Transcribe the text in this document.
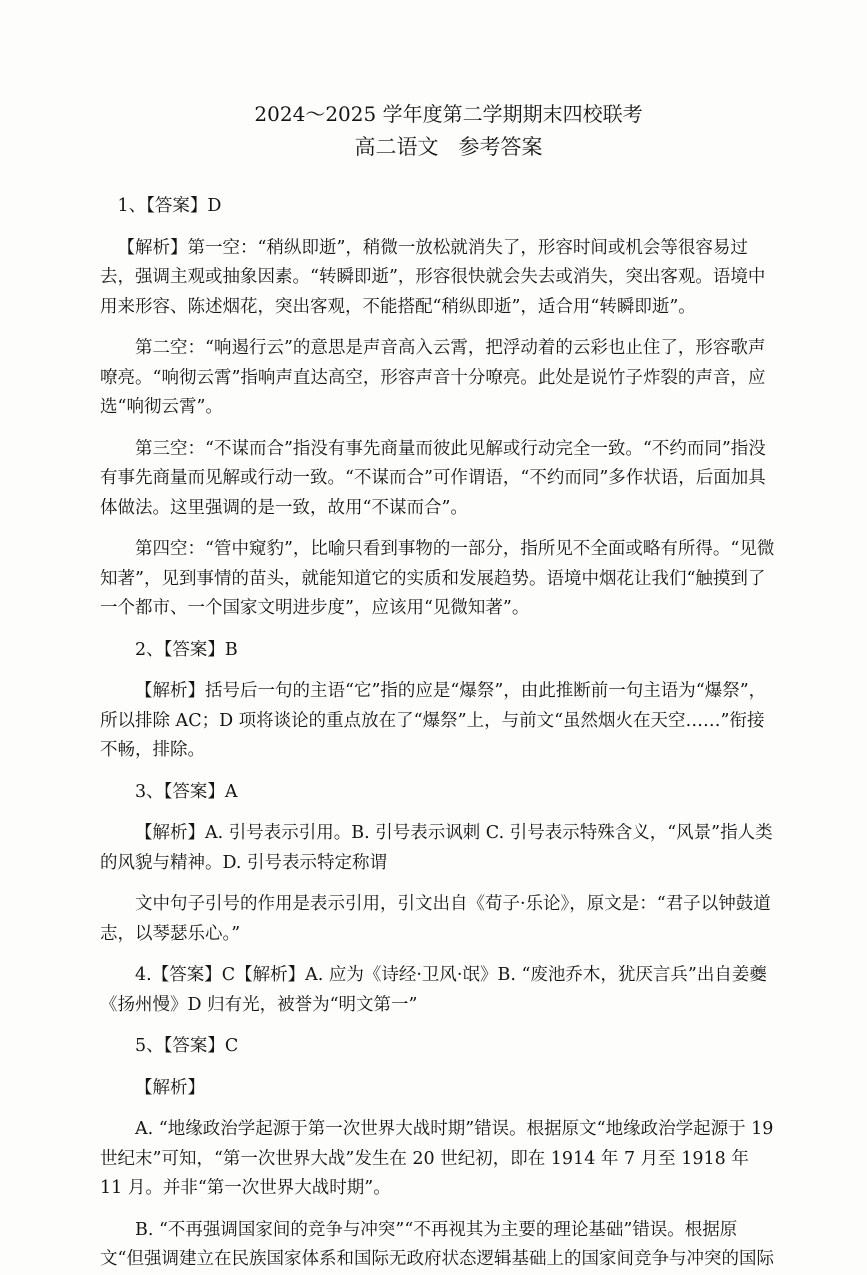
2024～2025 学年度第二学期期末四校联考
高二语文 参考答案

1、【答案】D

【解析】第一空：“稍纵即逝”，稍微一放松就消失了，形容时间或机会等很容易过去，强调主观或抽象因素。“转瞬即逝”，形容很快就会失去或消失，突出客观。语境中用来形容、陈述烟花，突出客观，不能搭配“稍纵即逝”，适合用“转瞬即逝”。

第二空：“响遏行云”的意思是声音高入云霄，把浮动着的云彩也止住了，形容歌声嘹亮。“响彻云霄”指响声直达高空，形容声音十分嘹亮。此处是说竹子炸裂的声音，应选“响彻云霄”。

第三空：“不谋而合”指没有事先商量而彼此见解或行动完全一致。“不约而同”指没有事先商量而见解或行动一致。“不谋而合”可作谓语，“不约而同”多作状语，后面加具体做法。这里强调的是一致，故用“不谋而合”。

第四空：“管中窥豹”，比喻只看到事物的一部分，指所见不全面或略有所得。“见微知著”，见到事情的苗头，就能知道它的实质和发展趋势。语境中烟花让我们“触摸到了一个都市、一个国家文明进步度”，应该用“见微知著”。

2、【答案】B

【解析】括号后一句的主语“它”指的应是“爆祭”，由此推断前一句主语为“爆祭”，所以排除 AC；D 项将谈论的重点放在了“爆祭”上，与前文“虽然烟火在天空……”衔接不畅，排除。

3、【答案】A

【解析】A. 引号表示引用。B. 引号表示讽刺 C. 引号表示特殊含义，“风景”指人类的风貌与精神。D. 引号表示特定称谓

文中句子引号的作用是表示引用，引文出自《荀子·乐论》，原文是：“君子以钟鼓道志，以琴瑟乐心。”

4.【答案】C【解析】A. 应为《诗经·卫风·氓》B. “废池乔木，犹厌言兵”出自姜夔《扬州慢》D 归有光，被誉为“明文第一”

5、【答案】C

【解析】

A. “地缘政治学起源于第一次世界大战时期”错误。根据原文“地缘政治学起源于 19 世纪末”可知，“第一次世界大战”发生在 20 世纪初，即在 1914 年 7 月至 1918 年 11 月。并非“第一次世界大战时期”。

B. “不再强调国家间的竞争与冲突”“不再视其为主要的理论基础”错误。根据原文“但强调建立在民族国家体系和国际无政府状态逻辑基础上的国家间竞争与冲突的国际
